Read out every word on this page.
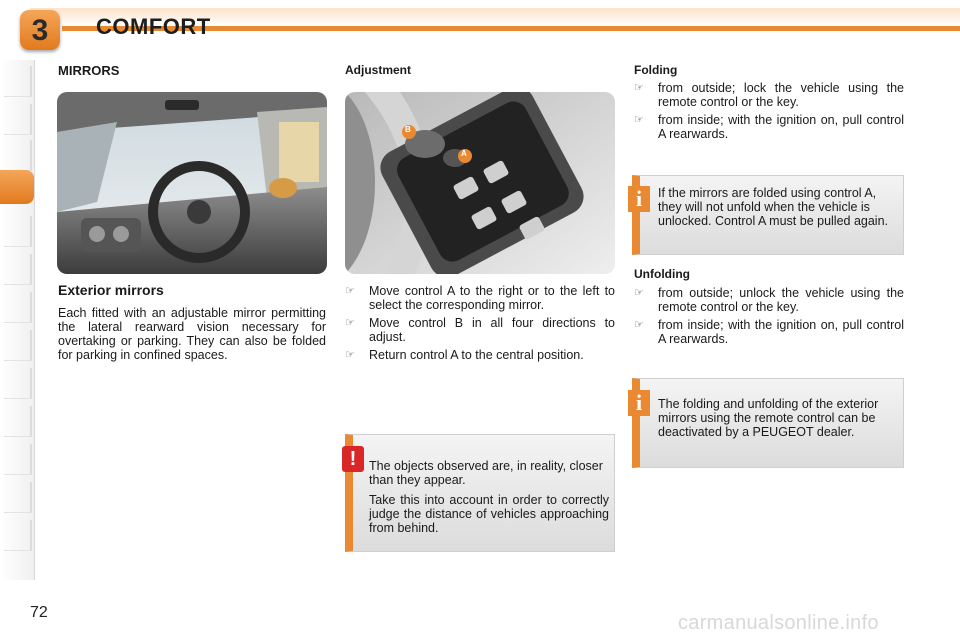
3	COMFORT
MIRRORS
Exterior mirrors
Each fitted with an adjustable mirror permitting the lateral rearward vision necessary for overtaking or parking. They can also be folded for parking in confined spaces.
Adjustment
B
A
☞ Move control A to the right or to the left to select the corresponding mirror.
☞ Move control B in all four directions to adjust.
☞ Return control A to the central position.
The objects observed are, in reality, closer than they appear.
Take this into account in order to correctly judge the distance of vehicles approaching from behind.
!
Folding
☞ from outside; lock the vehicle using the remote control or the key.
☞ from inside; with the ignition on, pull control A rearwards.
If the mirrors are folded using control A, they will not unfold when the vehicle is unlocked. Control A must be pulled again.
i
Unfolding
☞ from outside; unlock the vehicle using the remote control or the key.
☞ from inside; with the ignition on, pull control A rearwards.
The folding and unfolding of the exterior mirrors using the remote control can be deactivated by a PEUGEOT dealer.
i
72	carmanualsonline.info
